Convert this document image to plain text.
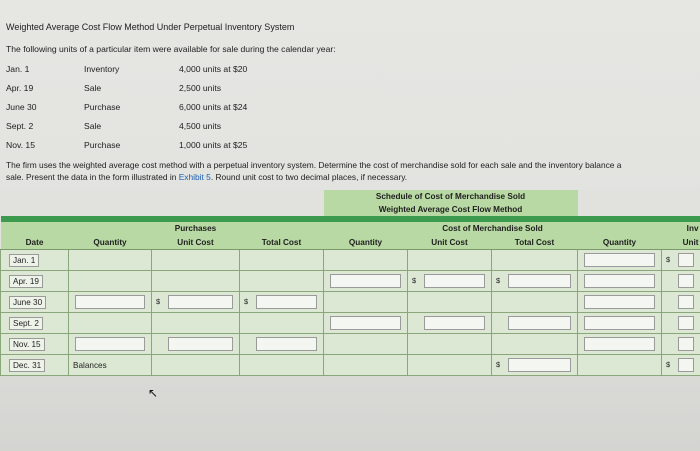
Weighted Average Cost Flow Method Under Perpetual Inventory System
The following units of a particular item were available for sale during the calendar year:
Jan. 1	Inventory	4,000 units at $20
Apr. 19	Sale	2,500 units
June 30	Purchase	6,000 units at $24
Sept. 2	Sale	4,500 units
Nov. 15	Purchase	1,000 units at $25
The firm uses the weighted average cost method with a perpetual inventory system. Determine the cost of merchandise sold for each sale and the inventory balance a
sale. Present the data in the form illustrated in Exhibit 5. Round unit cost to two decimal places, if necessary.
				Schedule of Cost of Merchandise Sold				
				Weighted Average Cost Flow Method				

		Purchases			Cost of Merchandise Sold			Inv
Date	Quantity	Unit Cost	Total Cost	Quantity	Unit Cost	Total Cost	Quantity	Unit
Jan. 1								$

Apr. 19					$	$		

June 30		$	$					

Sept. 2				

Nov. 15	

Dec. 31	Balances					$		$
↖
